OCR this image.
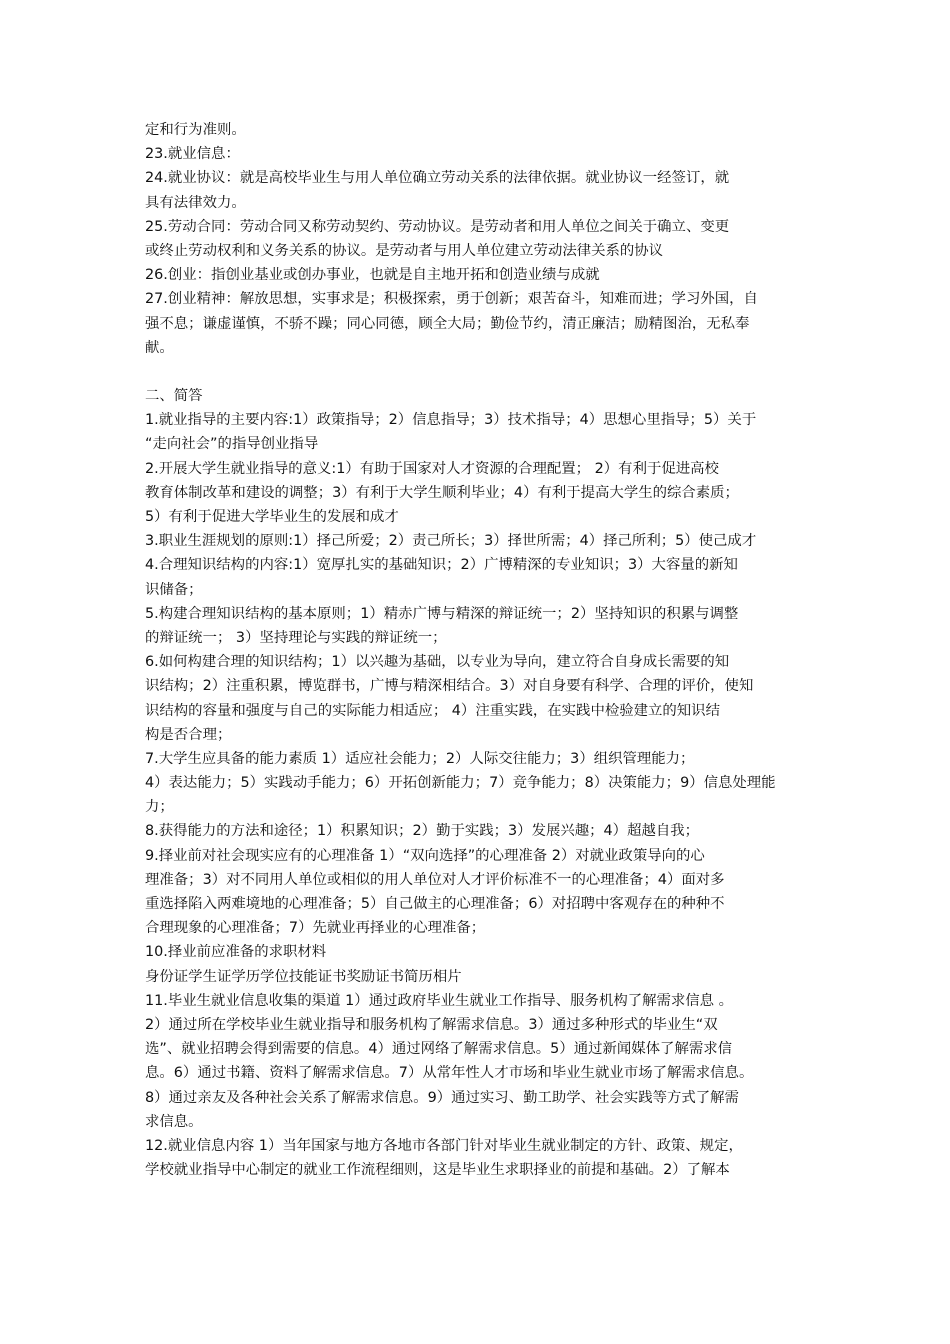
定和行为准则。
23.就业信息：
24.就业协议：就是高校毕业生与用人单位确立劳动关系的法律依据。就业协议一经签订，就
具有法律效力。
25.劳动合同：劳动合同又称劳动契约、劳动协议。是劳动者和用人单位之间关于确立、变更
或终止劳动权利和义务关系的协议。是劳动者与用人单位建立劳动法律关系的协议
26.创业：指创业基业或创办事业，也就是自主地开拓和创造业绩与成就
27.创业精神：解放思想，实事求是；积极探索，勇于创新；艰苦奋斗，知难而进；学习外国，自
强不息；谦虚谨慎，不骄不躁；同心同德，顾全大局；勤俭节约，清正廉洁；励精图治，无私奉
献。
二、简答
1.就业指导的主要内容:1）政策指导；2）信息指导；3）技术指导；4）思想心里指导；5）关于
“走向社会”的指导创业指导
2.开展大学生就业指导的意义:1）有助于国家对人才资源的合理配置； 2）有利于促进高校
教育体制改革和建设的调整；3）有利于大学生顺利毕业；4）有利于提高大学生的综合素质；
5）有利于促进大学毕业生的发展和成才
3.职业生涯规划的原则:1）择己所爱；2）责己所长；3）择世所需；4）择己所利；5）使己成才
4.合理知识结构的内容:1）宽厚扎实的基础知识；2）广博精深的专业知识；3）大容量的新知
识储备；
5.构建合理知识结构的基本原则；1）精赤广博与精深的辩证统一；2）坚持知识的积累与调整
的辩证统一； 3）坚持理论与实践的辩证统一；
6.如何构建合理的知识结构；1）以兴趣为基础，以专业为导向，建立符合自身成长需要的知
识结构；2）注重积累，博览群书，广博与精深相结合。3）对自身要有科学、合理的评价，使知
识结构的容量和强度与自己的实际能力相适应； 4）注重实践，在实践中检验建立的知识结
构是否合理；
7.大学生应具备的能力素质 1）适应社会能力；2）人际交往能力；3）组织管理能力；
4）表达能力；5）实践动手能力；6）开拓创新能力；7）竞争能力；8）决策能力；9）信息处理能
力；
8.获得能力的方法和途径；1）积累知识；2）勤于实践；3）发展兴趣；4）超越自我；
9.择业前对社会现实应有的心理准备 1）“双向选择”的心理准备 2）对就业政策导向的心
理准备；3）对不同用人单位或相似的用人单位对人才评价标准不一的心理准备；4）面对多
重选择陷入两难境地的心理准备；5）自己做主的心理准备；6）对招聘中客观存在的种种不
合理现象的心理准备；7）先就业再择业的心理准备；
10.择业前应准备的求职材料
身份证学生证学历学位技能证书奖励证书简历相片
11.毕业生就业信息收集的渠道 1）通过政府毕业生就业工作指导、服务机构了解需求信息 。
2）通过所在学校毕业生就业指导和服务机构了解需求信息。3）通过多种形式的毕业生“双
选”、就业招聘会得到需要的信息。4）通过网络了解需求信息。5）通过新闻媒体了解需求信
息。6）通过书籍、资料了解需求信息。7）从常年性人才市场和毕业生就业市场了解需求信息。
8）通过亲友及各种社会关系了解需求信息。9）通过实习、勤工助学、社会实践等方式了解需
求信息。
12.就业信息内容 1）当年国家与地方各地市各部门针对毕业生就业制定的方针、政策、规定，
学校就业指导中心制定的就业工作流程细则，这是毕业生求职择业的前提和基础。2）了解本
